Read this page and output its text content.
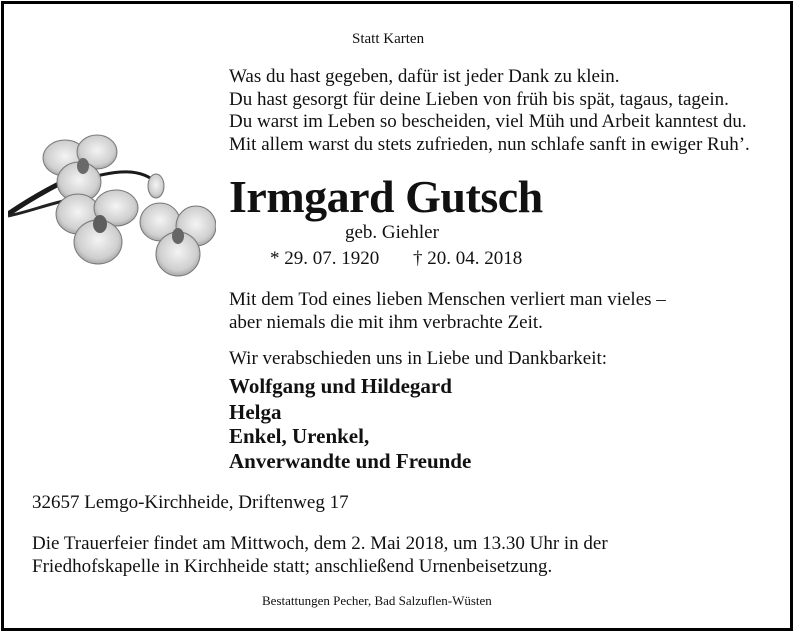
Statt Karten

Was du hast gegeben, dafür ist jeder Dank zu klein.

Du hast gesorgt für deine Lieben von früh bis spät, tagaus, tagein.

Du warst im Leben so bescheiden, viel Müh und Arbeit kanntest du.

Mit allem warst du stets zufrieden, nun schlafe sanft in ewiger Ruh’.

Irmgard Gutsch

geb. Giehler

* 29. 07. 1920 † 20. 04. 2018

Mit dem Tod eines lieben Menschen verliert man vieles –

aber niemals die mit ihm verbrachte Zeit.

Wir verabschieden uns in Liebe und Dankbarkeit:

Wolfgang und Hildegard

Helga

Enkel, Urenkel,

Anverwandte und Freunde

32657 Lemgo-Kirchheide, Driftenweg 17

Die Trauerfeier findet am Mittwoch, dem 2. Mai 2018, um 13.30 Uhr in der

Friedhofskapelle in Kirchheide statt; anschließend Urnenbeisetzung.

Bestattungen Pecher, Bad Salzuflen-Wüsten
